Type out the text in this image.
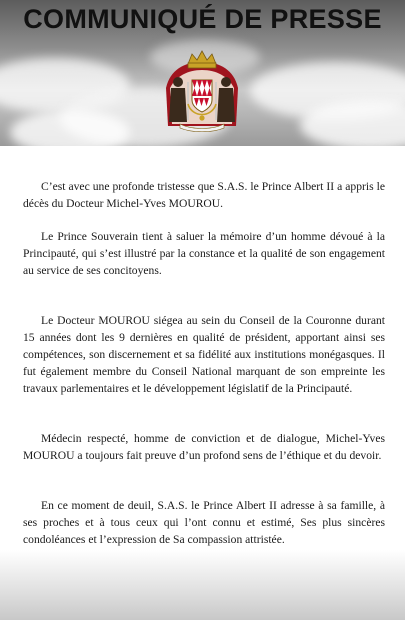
COMMUNIQUÉ DE PRESSE

C’est avec une profonde tristesse que S.A.S. le Prince Albert II a appris le décès du Docteur Michel-Yves MOUROU.

Le Prince Souverain tient à saluer la mémoire d’un homme dévoué à la Principauté, qui s’est illustré par la constance et la qualité de son engagement au service de ses concitoyens.

Le Docteur MOUROU siégea au sein du Conseil de la Couronne durant 15 années dont les 9 dernières en qualité de président, apportant ainsi ses compétences, son discernement et sa fidélité aux institutions monégasques. Il fut également membre du Conseil National marquant de son empreinte les travaux parlementaires et le développement législatif de la Principauté.

Médecin respecté, homme de conviction et de dialogue, Michel-Yves MOUROU a toujours fait preuve d’un profond sens de l’éthique et du devoir.

En ce moment de deuil, S.A.S. le Prince Albert II adresse à sa famille, à ses proches et à tous ceux qui l’ont connu et estimé, Ses plus sincères condoléances et l’expression de Sa compassion attristée.
